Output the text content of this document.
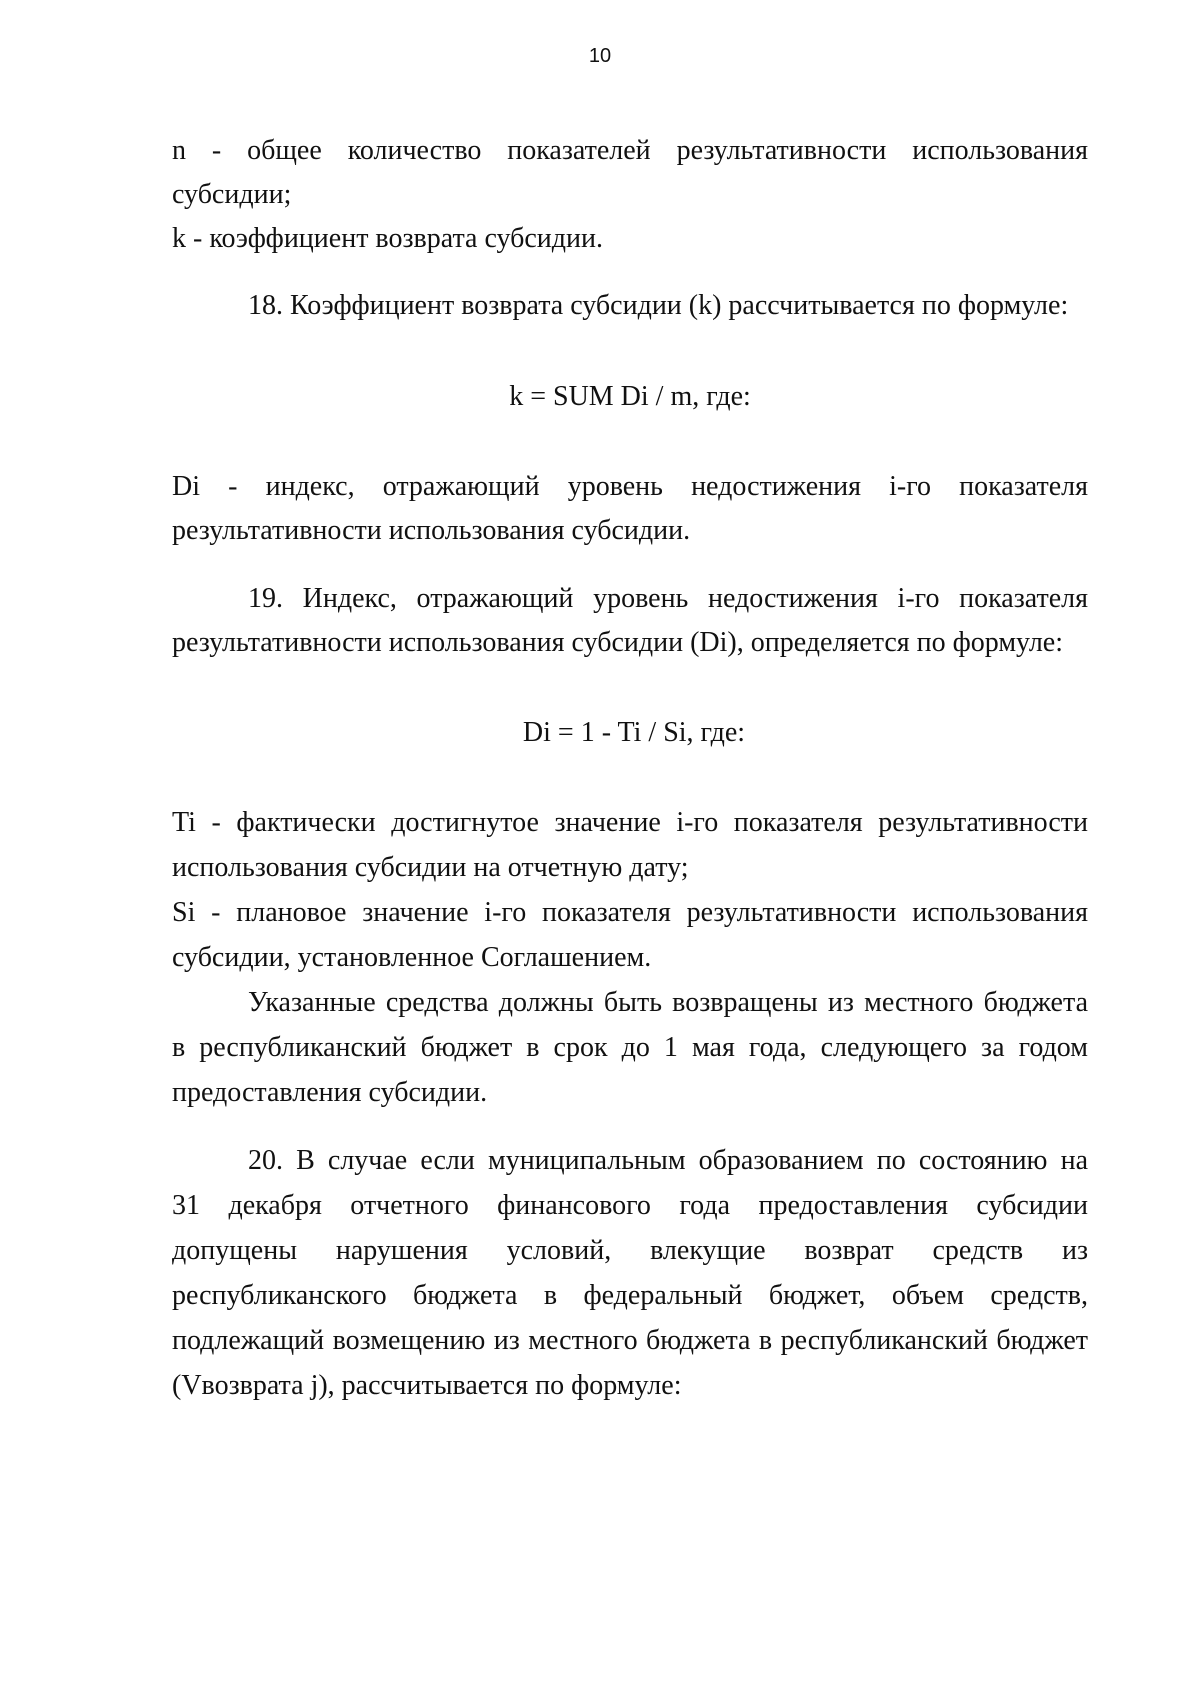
10
n - общее количество показателей результативности использования
субсидии;
k - коэффициент возврата субсидии.
18. Коэффициент возврата субсидии (k) рассчитывается по формуле:
k = SUM Di / m, где:
Di - индекс, отражающий уровень недостижения i-го показателя
результативности использования субсидии.
19. Индекс, отражающий уровень недостижения i-го показателя
результативности использования субсидии (Di), определяется по формуле:
Di = 1 - Ti / Si, где:
Ti - фактически достигнутое значение i-го показателя результативности
использования субсидии на отчетную дату;
Si - плановое значение i-го показателя результативности использования
субсидии, установленное Соглашением.
Указанные средства должны быть возвращены из местного бюджета
в республиканский бюджет в срок до 1 мая года, следующего за годом
предоставления субсидии.
20. В случае если муниципальным образованием по состоянию на
31 декабря отчетного финансового года предоставления субсидии
допущены нарушения условий, влекущие возврат средств из
республиканского бюджета в федеральный бюджет, объем средств,
подлежащий возмещению из местного бюджета в республиканский бюджет
(Vвозврата j), рассчитывается по формуле:
